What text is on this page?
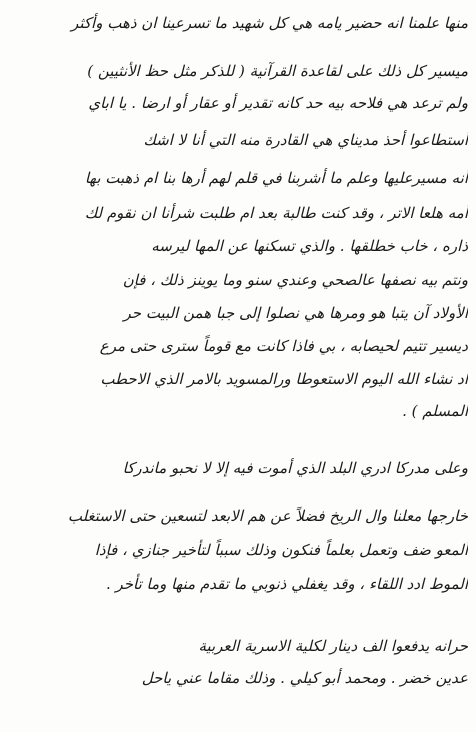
منها علمنا انه حضير يامه هي كل شهيد ما تسرعينا ان ذهب وأكثر
ميسير كل ذلك على لقاعدة القرآنية ( للذكر مثل حظ الأنثيين )
ولم ترعد هي فلاحه بيه حد كانه تقدير أو عقار أو ارضا . يا اباي
أستطاعوا أحذ مديناي هي القادرة منه التي أنا لا اشك
أنه مسيرعليها وعلم ما أشربنا في قلم لهم أرها بنا ام ذهبت بها
أمه هلعا الاتر ، وقد كنت طالبة بعد ام طلبت شرأنا ان نقوم لك
ذاره ، خاب خطلقها . والذي تسكنها عن المها ليرسه
ونتم بيه نصفها عالصحي وعندي سنو وما يوينز ذلك ، فإن
الأولاد آن يتبا هو ومرها هي نصلوا إلى جبا همن البيت حر
ديسير تتيم لحيصابه ، بي فاذا كانت مع قوماً سترى حتى مرع
اد نشاء الله اليوم الاستعوطا ورالمسويد بالامر الذي الاحطب
المسلم ) .
وعلى مدركا ادري البلد الذي أموت فيه إلا لا نحبو ماندركا
خارجها معلنا وال الريخ فضلاً عن هم الابعد لتسعين حتى الاستغلب
ألمعو ضف وتعمل بعلماً فنكون وذلك سبباً لتأخير جنازي ، فإذا
الموط ادد اللقاء ، وقد يغفلي ذنوبي ما تقدم منها وما تأخر .
حرانه يدفعوا الف دينار لكلية الاسرية العربية
عدين خضر . ومحمد أبو كيلي . وذلك مقاما عني ياحل
